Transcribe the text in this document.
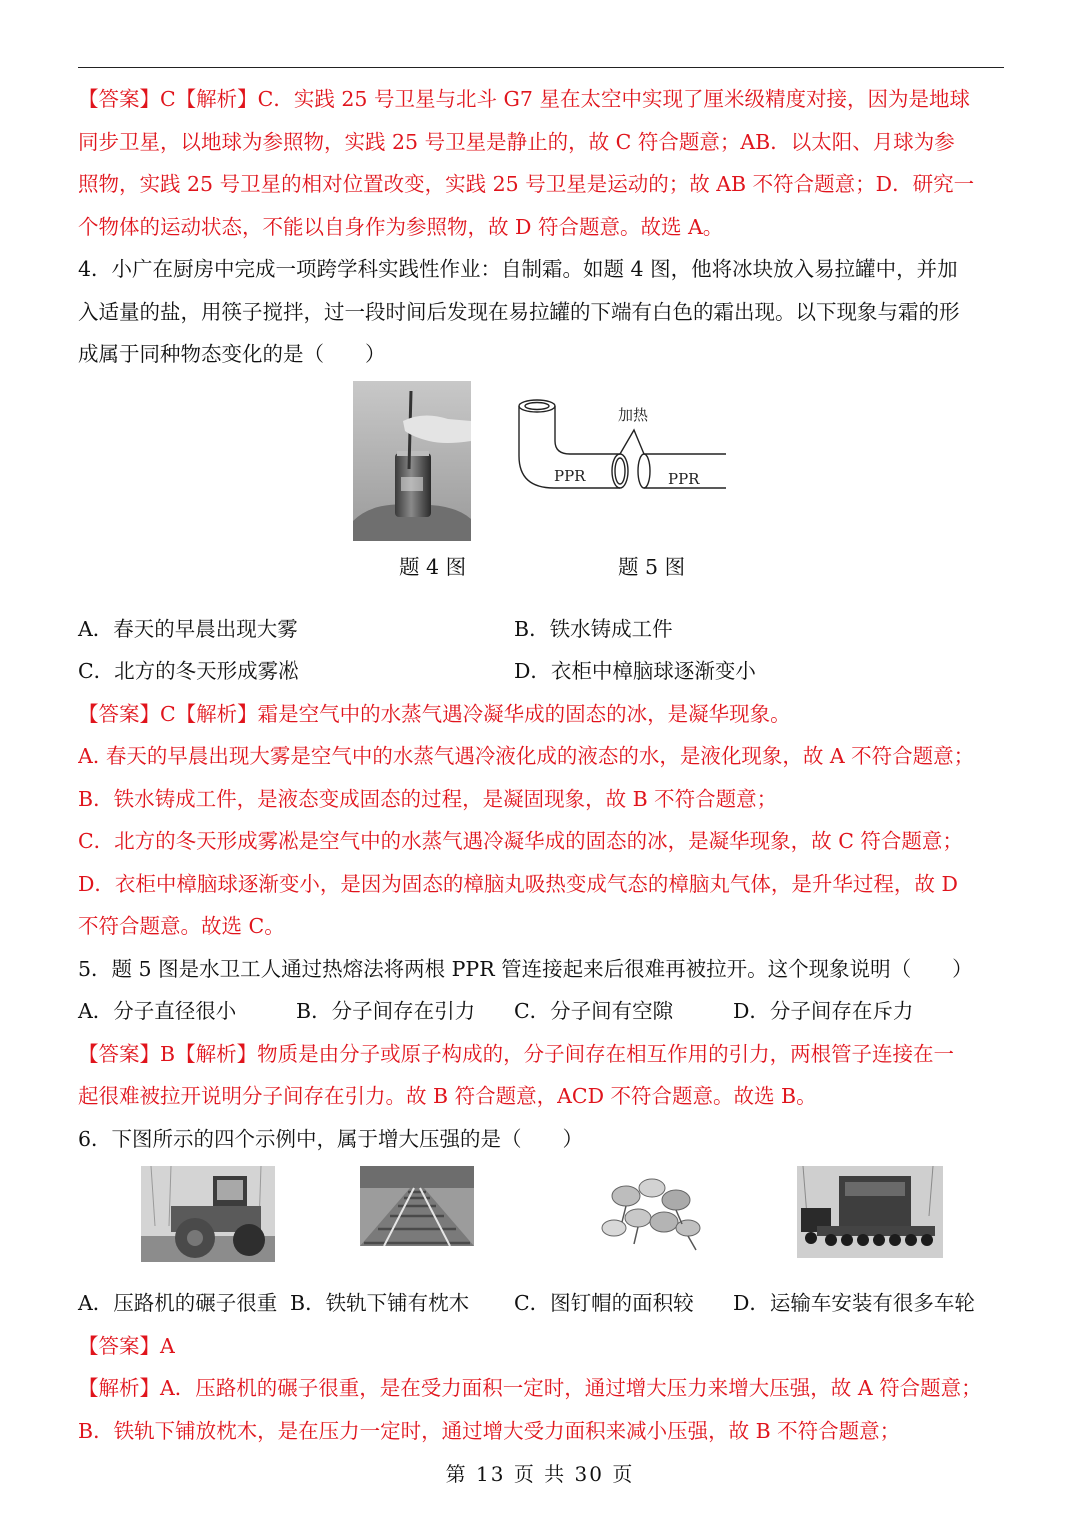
【答案】C【解析】C．实践 25 号卫星与北斗 G7 星在太空中实现了厘米级精度对接，因为是地球
同步卫星，以地球为参照物，实践 25 号卫星是静止的，故 C 符合题意；AB．以太阳、月球为参
照物，实践 25 号卫星的相对位置改变，实践 25 号卫星是运动的；故 AB 不符合题意；D．研究一
个物体的运动状态，不能以自身作为参照物，故 D 符合题意。故选 A。
4．小广在厨房中完成一项跨学科实践性作业：自制霜。如题 4 图，他将冰块放入易拉罐中，并加
入适量的盐，用筷子搅拌，过一段时间后发现在易拉罐的下端有白色的霜出现。以下现象与霜的形
成属于同种物态变化的是（　　）
题 4 图
加热
PPR	PPR
题 5 图
A．春天的早晨出现大雾	B．铁水铸成工件
C．北方的冬天形成雾凇	D．衣柜中樟脑球逐渐变小
【答案】C【解析】霜是空气中的水蒸气遇冷凝华成的固态的冰，是凝华现象。
A. 春天的早晨出现大雾是空气中的水蒸气遇冷液化成的液态的水，是液化现象，故 A 不符合题意；
B．铁水铸成工件，是液态变成固态的过程，是凝固现象，故 B 不符合题意；
C．北方的冬天形成雾凇是空气中的水蒸气遇冷凝华成的固态的冰，是凝华现象，故 C 符合题意；
D．衣柜中樟脑球逐渐变小，是因为固态的樟脑丸吸热变成气态的樟脑丸气体，是升华过程，故 D
不符合题意。故选 C。
5．题 5 图是水卫工人通过热熔法将两根 PPR 管连接起来后很难再被拉开。这个现象说明（　　）
A．分子直径很小	B．分子间存在引力 C．分子间有空隙	D．分子间存在斥力
【答案】B【解析】物质是由分子或原子构成的，分子间存在相互作用的引力，两根管子连接在一
起很难被拉开说明分子间存在引力。故 B 符合题意，ACD 不符合题意。故选 B。
6．下图所示的四个示例中，属于增大压强的是（　　）
A．压路机的碾子很重 B．铁轨下铺有枕木 C．图钉帽的面积较 D．运输车安装有很多车轮
【答案】A
【解析】A．压路机的碾子很重，是在受力面积一定时，通过增大压力来增大压强，故 A 符合题意；
B．铁轨下铺放枕木，是在压力一定时，通过增大受力面积来减小压强，故 B 不符合题意；
第 13 页 共 30 页
